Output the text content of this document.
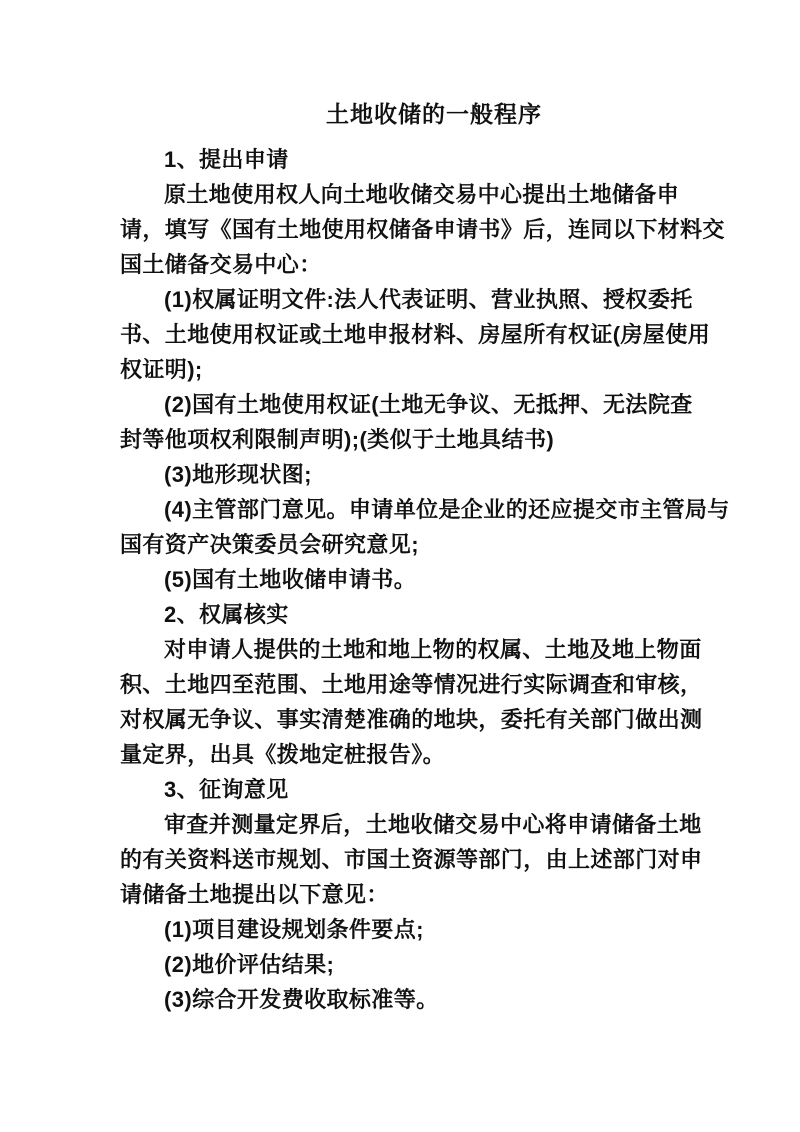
土地收储的一般程序
1、提出申请
原土地使用权人向土地收储交易中心提出土地储备申
请，填写《国有土地使用权储备申请书》后，连同以下材料交
国土储备交易中心：
(1)权属证明文件:法人代表证明、营业执照、授权委托
书、土地使用权证或土地申报材料、房屋所有权证(房屋使用
权证明);
(2)国有土地使用权证(土地无争议、无抵押、无法院查
封等他项权利限制声明);(类似于土地具结书)
(3)地形现状图;
(4)主管部门意见。申请单位是企业的还应提交市主管局与
国有资产决策委员会研究意见;
(5)国有土地收储申请书。
2、权属核实
对申请人提供的土地和地上物的权属、土地及地上物面
积、土地四至范围、土地用途等情况进行实际调查和审核，
对权属无争议、事实清楚准确的地块，委托有关部门做出测
量定界，出具《拨地定桩报告》。
3、征询意见
审查并测量定界后，土地收储交易中心将申请储备土地
的有关资料送市规划、市国土资源等部门，由上述部门对申
请储备土地提出以下意见：
(1)项目建设规划条件要点;
(2)地价评估结果;
(3)综合开发费收取标准等。
